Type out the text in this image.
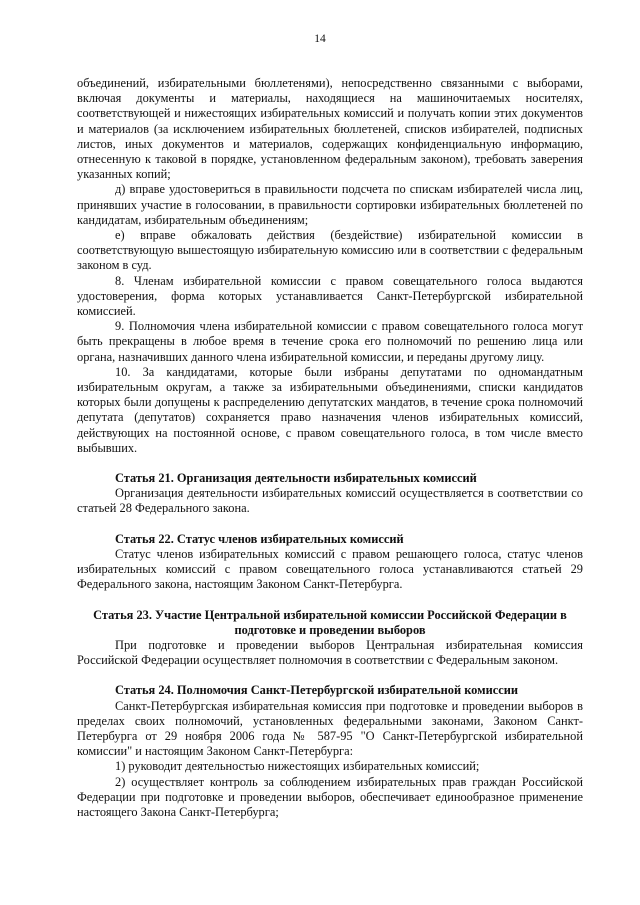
14

объединений, избирательными бюллетенями), непосредственно связанными с выборами, включая документы и материалы, находящиеся на машиночитаемых носителях, соответствующей и нижестоящих избирательных комиссий и получать копии этих документов и материалов (за исключением избирательных бюллетеней, списков избирателей, подписных листов, иных документов и материалов, содержащих конфиденциальную информацию, отнесенную к таковой в порядке, установленном федеральным законом), требовать заверения указанных копий;

д) вправе удостовериться в правильности подсчета по спискам избирателей числа лиц, принявших участие в голосовании, в правильности сортировки избирательных бюллетеней по кандидатам, избирательным объединениям;

е) вправе обжаловать действия (бездействие) избирательной комиссии в соответствующую вышестоящую избирательную комиссию или в соответствии с федеральным законом в суд.

8. Членам избирательной комиссии с правом совещательного голоса выдаются удостоверения, форма которых устанавливается Санкт-Петербургской избирательной комиссией.

9. Полномочия члена избирательной комиссии с правом совещательного голоса могут быть прекращены в любое время в течение срока его полномочий по решению лица или органа, назначивших данного члена избирательной комиссии, и переданы другому лицу.

10. За кандидатами, которые были избраны депутатами по одномандатным избирательным округам, а также за избирательными объединениями, списки кандидатов которых были допущены к распределению депутатских мандатов, в течение срока полномочий депутата (депутатов) сохраняется право назначения членов избирательных комиссий, действующих на постоянной основе, с правом совещательного голоса, в том числе вместо выбывших.

Статья 21. Организация деятельности избирательных комиссий

Организация деятельности избирательных комиссий осуществляется в соответствии со статьей 28 Федерального закона.

Статья 22. Статус членов избирательных комиссий

Статус членов избирательных комиссий с правом решающего голоса, статус членов избирательных комиссий с правом совещательного голоса устанавливаются статьей 29 Федерального закона, настоящим Законом Санкт-Петербурга.

Статья 23. Участие Центральной избирательной комиссии Российской Федерации в подготовке и проведении выборов

При подготовке и проведении выборов Центральная избирательная комиссия Российской Федерации осуществляет полномочия в соответствии с Федеральным законом.

Статья 24. Полномочия Санкт-Петербургской избирательной комиссии

Санкт-Петербургская избирательная комиссия при подготовке и проведении выборов в пределах своих полномочий, установленных федеральными законами, Законом Санкт-Петербурга от 29 ноября 2006 года № 587-95 "О Санкт-Петербургской избирательной комиссии" и настоящим Законом Санкт-Петербурга:

1) руководит деятельностью нижестоящих избирательных комиссий;

2) осуществляет контроль за соблюдением избирательных прав граждан Российской Федерации при подготовке и проведении выборов, обеспечивает единообразное применение настоящего Закона Санкт-Петербурга;
